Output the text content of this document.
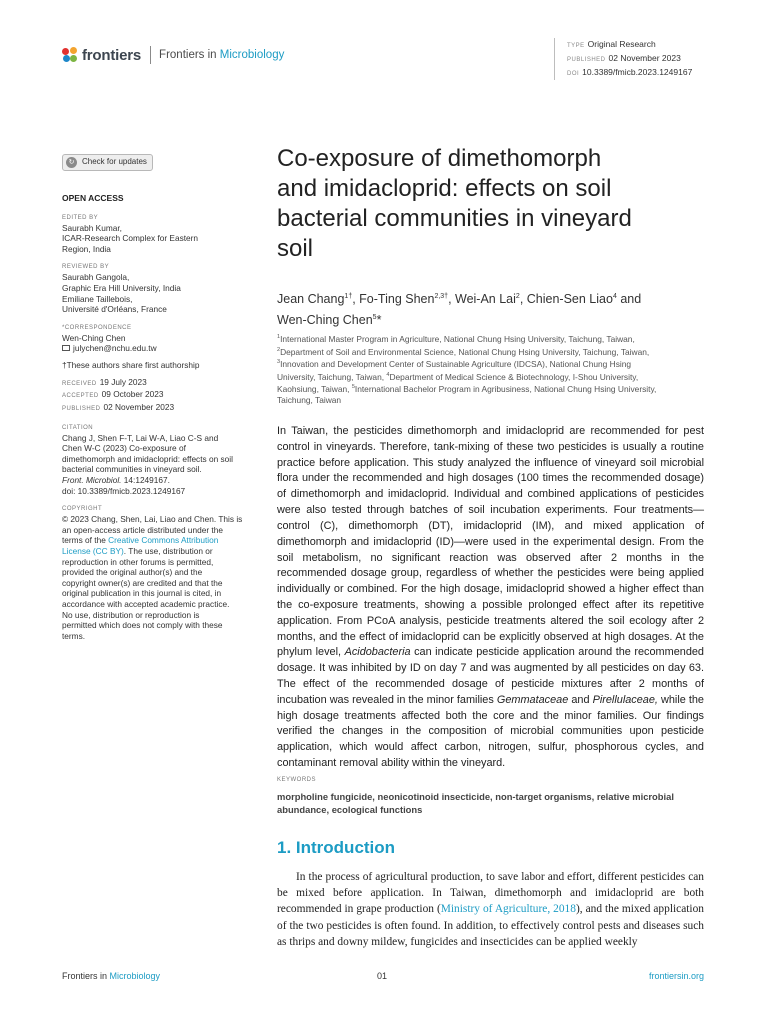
frontiers Frontiers in Microbiology
TYPE Original Research
PUBLISHED 02 November 2023
DOI 10.3389/fmicb.2023.1249167
↻ Check for updates
OPEN ACCESS
EDITED BY
Saurabh Kumar,
ICAR-Research Complex for Eastern
Region, India
REVIEWED BY
Saurabh Gangola,
Graphic Era Hill University, India
Emiliane Taillebois,
Université d'Orléans, France
*CORRESPONDENCE
Wen-Ching Chen
julychen@nchu.edu.tw
†These authors share first authorship
RECEIVED 19 July 2023
ACCEPTED 09 October 2023
PUBLISHED 02 November 2023
CITATION
Chang J, Shen F-T, Lai W-A, Liao C-S and
Chen W-C (2023) Co-exposure of
dimethomorph and imidacloprid: effects on soil
bacterial communities in vineyard soil.
Front. Microbiol. 14:1249167.
doi: 10.3389/fmicb.2023.1249167
COPYRIGHT
© 2023 Chang, Shen, Lai, Liao and Chen. This is
an open-access article distributed under the
terms of the Creative Commons Attribution
License (CC BY). The use, distribution or
reproduction in other forums is permitted,
provided the original author(s) and the
copyright owner(s) are credited and that the
original publication in this journal is cited, in
accordance with accepted academic practice.
No use, distribution or reproduction is
permitted which does not comply with these
terms.
Co-exposure of dimethomorph
and imidacloprid: effects on soil
bacterial communities in vineyard
soil
Jean Chang$^{1\dagger}$, Fo-Ting Shen$^{2,3\dagger}$, Wei-An Lai$^2$, Chien-Sen Liao$^4$ and
Wen-Ching Chen$^5$*
$^1$International Master Program in Agriculture, National Chung Hsing University, Taichung, Taiwan,
$^2$Department of Soil and Environmental Science, National Chung Hsing University, Taichung, Taiwan,
$^3$Innovation and Development Center of Sustainable Agriculture (IDCSA), National Chung Hsing
University, Taichung, Taiwan, $^4$Department of Medical Science & Biotechnology, I-Shou University,
Kaohsiung, Taiwan, $^5$International Bachelor Program in Agribusiness, National Chung Hsing University,
Taichung, Taiwan
In Taiwan, the pesticides dimethomorph and imidacloprid are recommended for pest control in vineyards. Therefore, tank-mixing of these two pesticides is usually a routine practice before application. This study analyzed the influence of vineyard soil microbial flora under the recommended and high dosages (100 times the recommended dosage) of dimethomorph and imidacloprid. Individual and combined applications of pesticides were also tested through batches of soil incubation experiments. Four treatments—control (C), dimethomorph (DT), imidacloprid (IM), and mixed application of dimethomorph and imidacloprid (ID)—were used in the experimental design. From the soil metabolism, no significant reaction was observed after 2 months in the recommended dosage group, regardless of whether the pesticides were being applied individually or combined. For the high dosage, imidacloprid showed a higher effect than the co-exposure treatments, showing a possible prolonged effect after its repetitive application. From PCoA analysis, pesticide treatments altered the soil ecology after 2 months, and the effect of imidacloprid can be explicitly observed at high dosages. At the phylum level, Acidobacteria can indicate pesticide application around the recommended dosage. It was inhibited by ID on day 7 and was augmented by all pesticides on day 63. The effect of the recommended dosage of pesticide mixtures after 2 months of incubation was revealed in the minor families Gemmataceae and Pirellulaceae, while the high dosage treatments affected both the core and the minor families. Our findings verified the changes in the composition of microbial communities upon pesticide application, which would affect carbon, nitrogen, sulfur, phosphorous cycles, and contaminant removal ability within the vineyard.
KEYWORDS
morpholine fungicide, neonicotinoid insecticide, non-target organisms, relative microbial abundance, ecological functions
1. Introduction
In the process of agricultural production, to save labor and effort, different pesticides can be mixed before application. In Taiwan, dimethomorph and imidacloprid are both recommended in grape production (Ministry of Agriculture, 2018), and the mixed application of the two pesticides is often found. In addition, to effectively control pests and diseases such as thrips and downy mildew, fungicides and insecticides can be applied weekly
Frontiers in Microbiology	01	frontiersin.org
